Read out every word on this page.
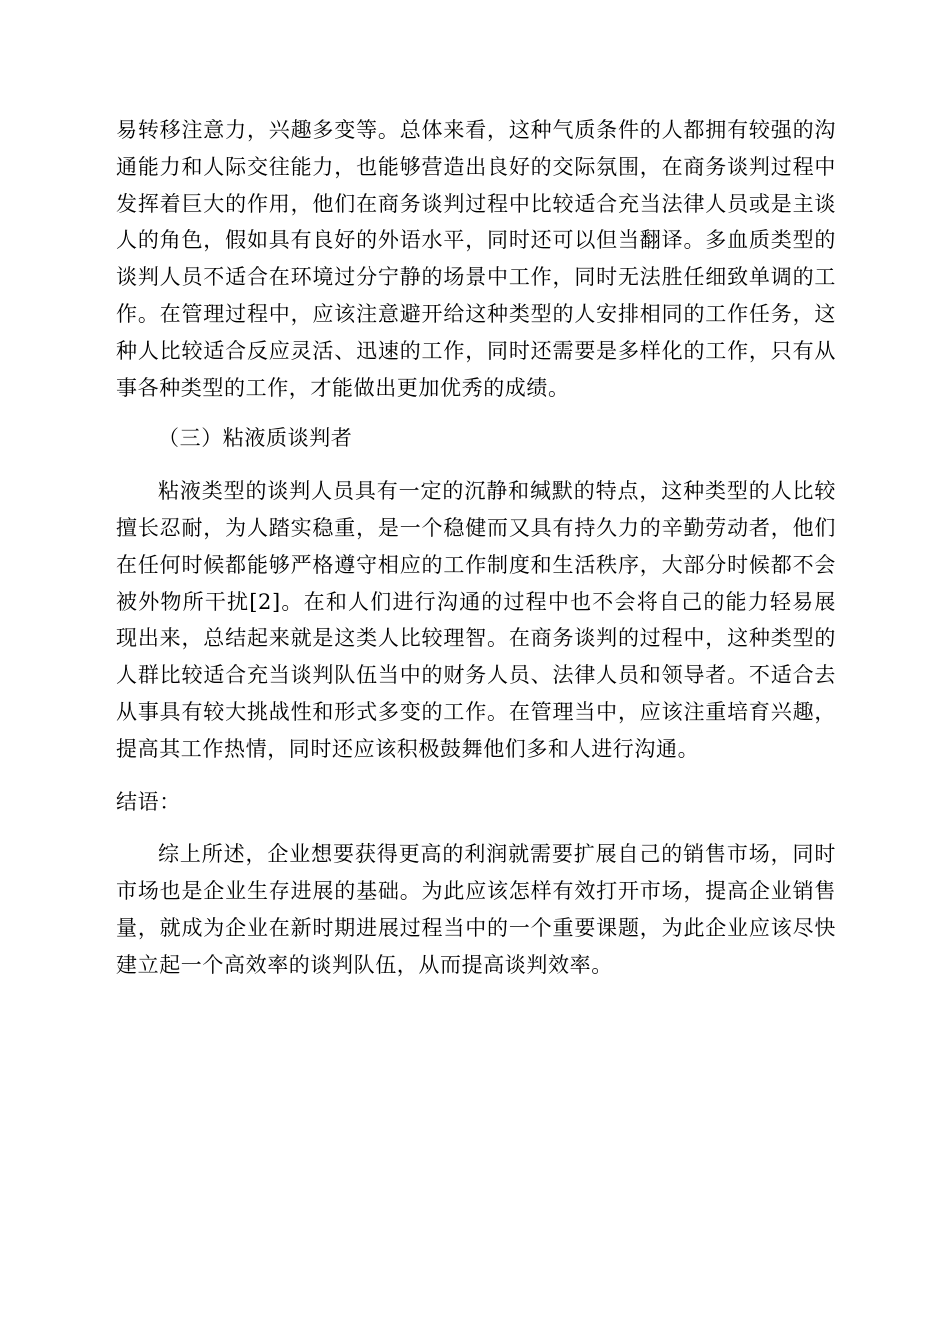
易转移注意力，兴趣多变等。总体来看，这种气质条件的人都拥有较强的沟通能力和人际交往能力，也能够营造出良好的交际氛围，在商务谈判过程中发挥着巨大的作用，他们在商务谈判过程中比较适合充当法律人员或是主谈人的角色，假如具有良好的外语水平，同时还可以但当翻译。多血质类型的谈判人员不适合在环境过分宁静的场景中工作，同时无法胜任细致单调的工作。在管理过程中，应该注意避开给这种类型的人安排相同的工作任务，这种人比较适合反应灵活、迅速的工作，同时还需要是多样化的工作，只有从事各种类型的工作，才能做出更加优秀的成绩。

（三）粘液质谈判者

粘液类型的谈判人员具有一定的沉静和缄默的特点，这种类型的人比较擅长忍耐，为人踏实稳重，是一个稳健而又具有持久力的辛勤劳动者，他们在任何时候都能够严格遵守相应的工作制度和生活秩序，大部分时候都不会被外物所干扰[2]。在和人们进行沟通的过程中也不会将自己的能力轻易展现出来，总结起来就是这类人比较理智。在商务谈判的过程中，这种类型的人群比较适合充当谈判队伍当中的财务人员、法律人员和领导者。不适合去从事具有较大挑战性和形式多变的工作。在管理当中，应该注重培育兴趣，提高其工作热情，同时还应该积极鼓舞他们多和人进行沟通。

结语：

综上所述，企业想要获得更高的利润就需要扩展自己的销售市场，同时市场也是企业生存进展的基础。为此应该怎样有效打开市场，提高企业销售量，就成为企业在新时期进展过程当中的一个重要课题，为此企业应该尽快建立起一个高效率的谈判队伍，从而提高谈判效率。
